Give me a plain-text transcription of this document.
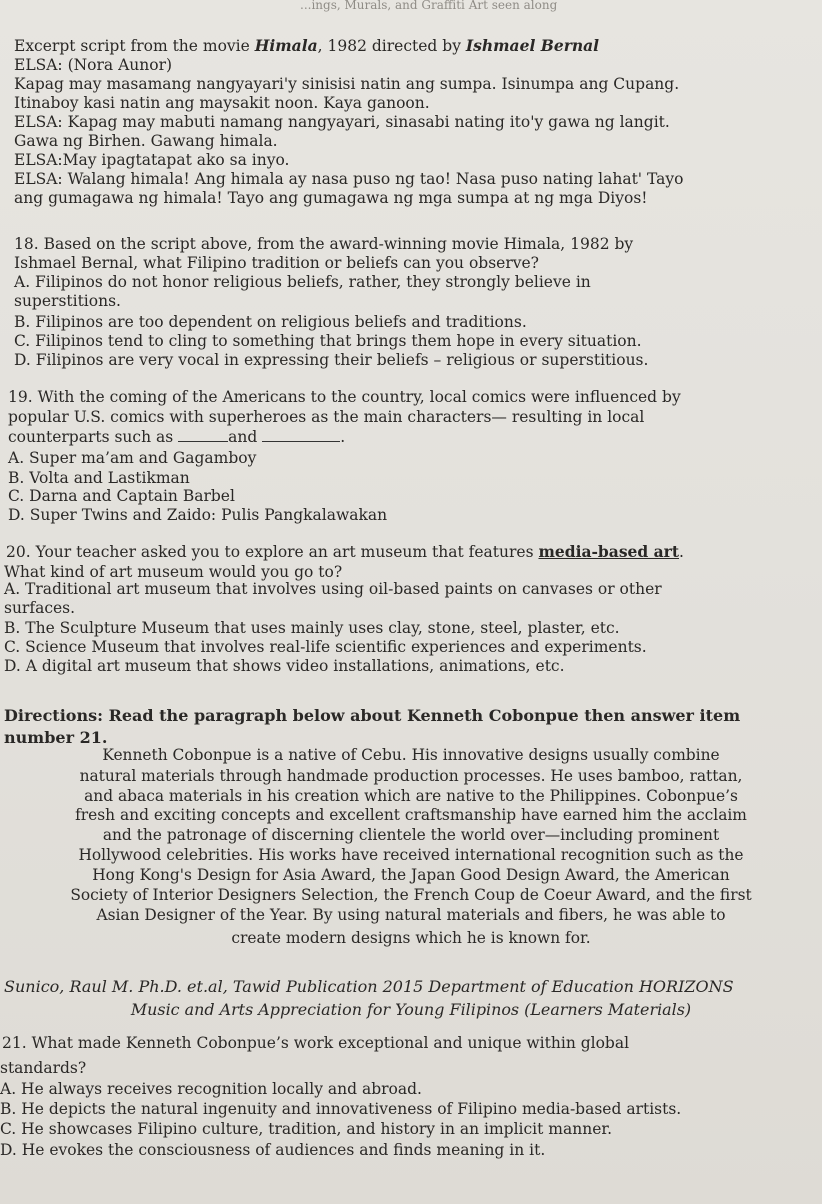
...ings, Murals, and Graffiti Art seen along
Excerpt script from the movie Himala, 1982 directed by Ishmael Bernal
ELSA: (Nora Aunor)
Kapag may masamang nangyayari'y sinisisi natin ang sumpa. Isinumpa ang Cupang.
Itinaboy kasi natin ang maysakit noon. Kaya ganoon.
ELSA: Kapag may mabuti namang nangyayari, sinasabi nating ito'y gawa ng langit.
Gawa ng Birhen. Gawang himala.
ELSA:May ipagtatapat ako sa inyo.
ELSA: Walang himala! Ang himala ay nasa puso ng tao! Nasa puso nating lahat' Tayo
ang gumagawa ng himala! Tayo ang gumagawa ng mga sumpa at ng mga Diyos!
18. Based on the script above, from the award-winning movie Himala, 1982 by
Ishmael Bernal, what Filipino tradition or beliefs can you observe?
A. Filipinos do not honor religious beliefs, rather, they strongly believe in
superstitions.
B. Filipinos are too dependent on religious beliefs and traditions.
C. Filipinos tend to cling to something that brings them hope in every situation.
D. Filipinos are very vocal in expressing their beliefs – religious or superstitious.
19. With the coming of the Americans to the country, local comics were influenced by
popular U.S. comics with superheroes as the main characters— resulting in local
counterparts such as	and	.
A. Super ma’am and Gagamboy
B. Volta and Lastikman
C. Darna and Captain Barbel
D. Super Twins and Zaido: Pulis Pangkalawakan
20. Your teacher asked you to explore an art museum that features media-based art.
What kind of art museum would you go to?
A. Traditional art museum that involves using oil-based paints on canvases or other
surfaces.
B. The Sculpture Museum that uses mainly uses clay, stone, steel, plaster, etc.
C. Science Museum that involves real-life scientific experiences and experiments.
D. A digital art museum that shows video installations, animations, etc.
Directions: Read the paragraph below about Kenneth Cobonpue then answer item
number 21.
Kenneth Cobonpue is a native of Cebu. His innovative designs usually combine
natural materials through handmade production processes. He uses bamboo, rattan,
and abaca materials in his creation which are native to the Philippines. Cobonpue’s
fresh and exciting concepts and excellent craftsmanship have earned him the acclaim
and the patronage of discerning clientele the world over—including prominent
Hollywood celebrities. His works have received international recognition such as the
Hong Kong's Design for Asia Award, the Japan Good Design Award, the American
Society of Interior Designers Selection, the French Coup de Coeur Award, and the first
Asian Designer of the Year. By using natural materials and fibers, he was able to
create modern designs which he is known for.
Sunico, Raul M. Ph.D. et.al, Tawid Publication 2015 Department of Education HORIZONS
Music and Arts Appreciation for Young Filipinos (Learners Materials)
21. What made Kenneth Cobonpue’s work exceptional and unique within global
standards?
A. He always receives recognition locally and abroad.
B. He depicts the natural ingenuity and innovativeness of Filipino media-based artists.
C. He showcases Filipino culture, tradition, and history in an implicit manner.
D. He evokes the consciousness of audiences and finds meaning in it.
